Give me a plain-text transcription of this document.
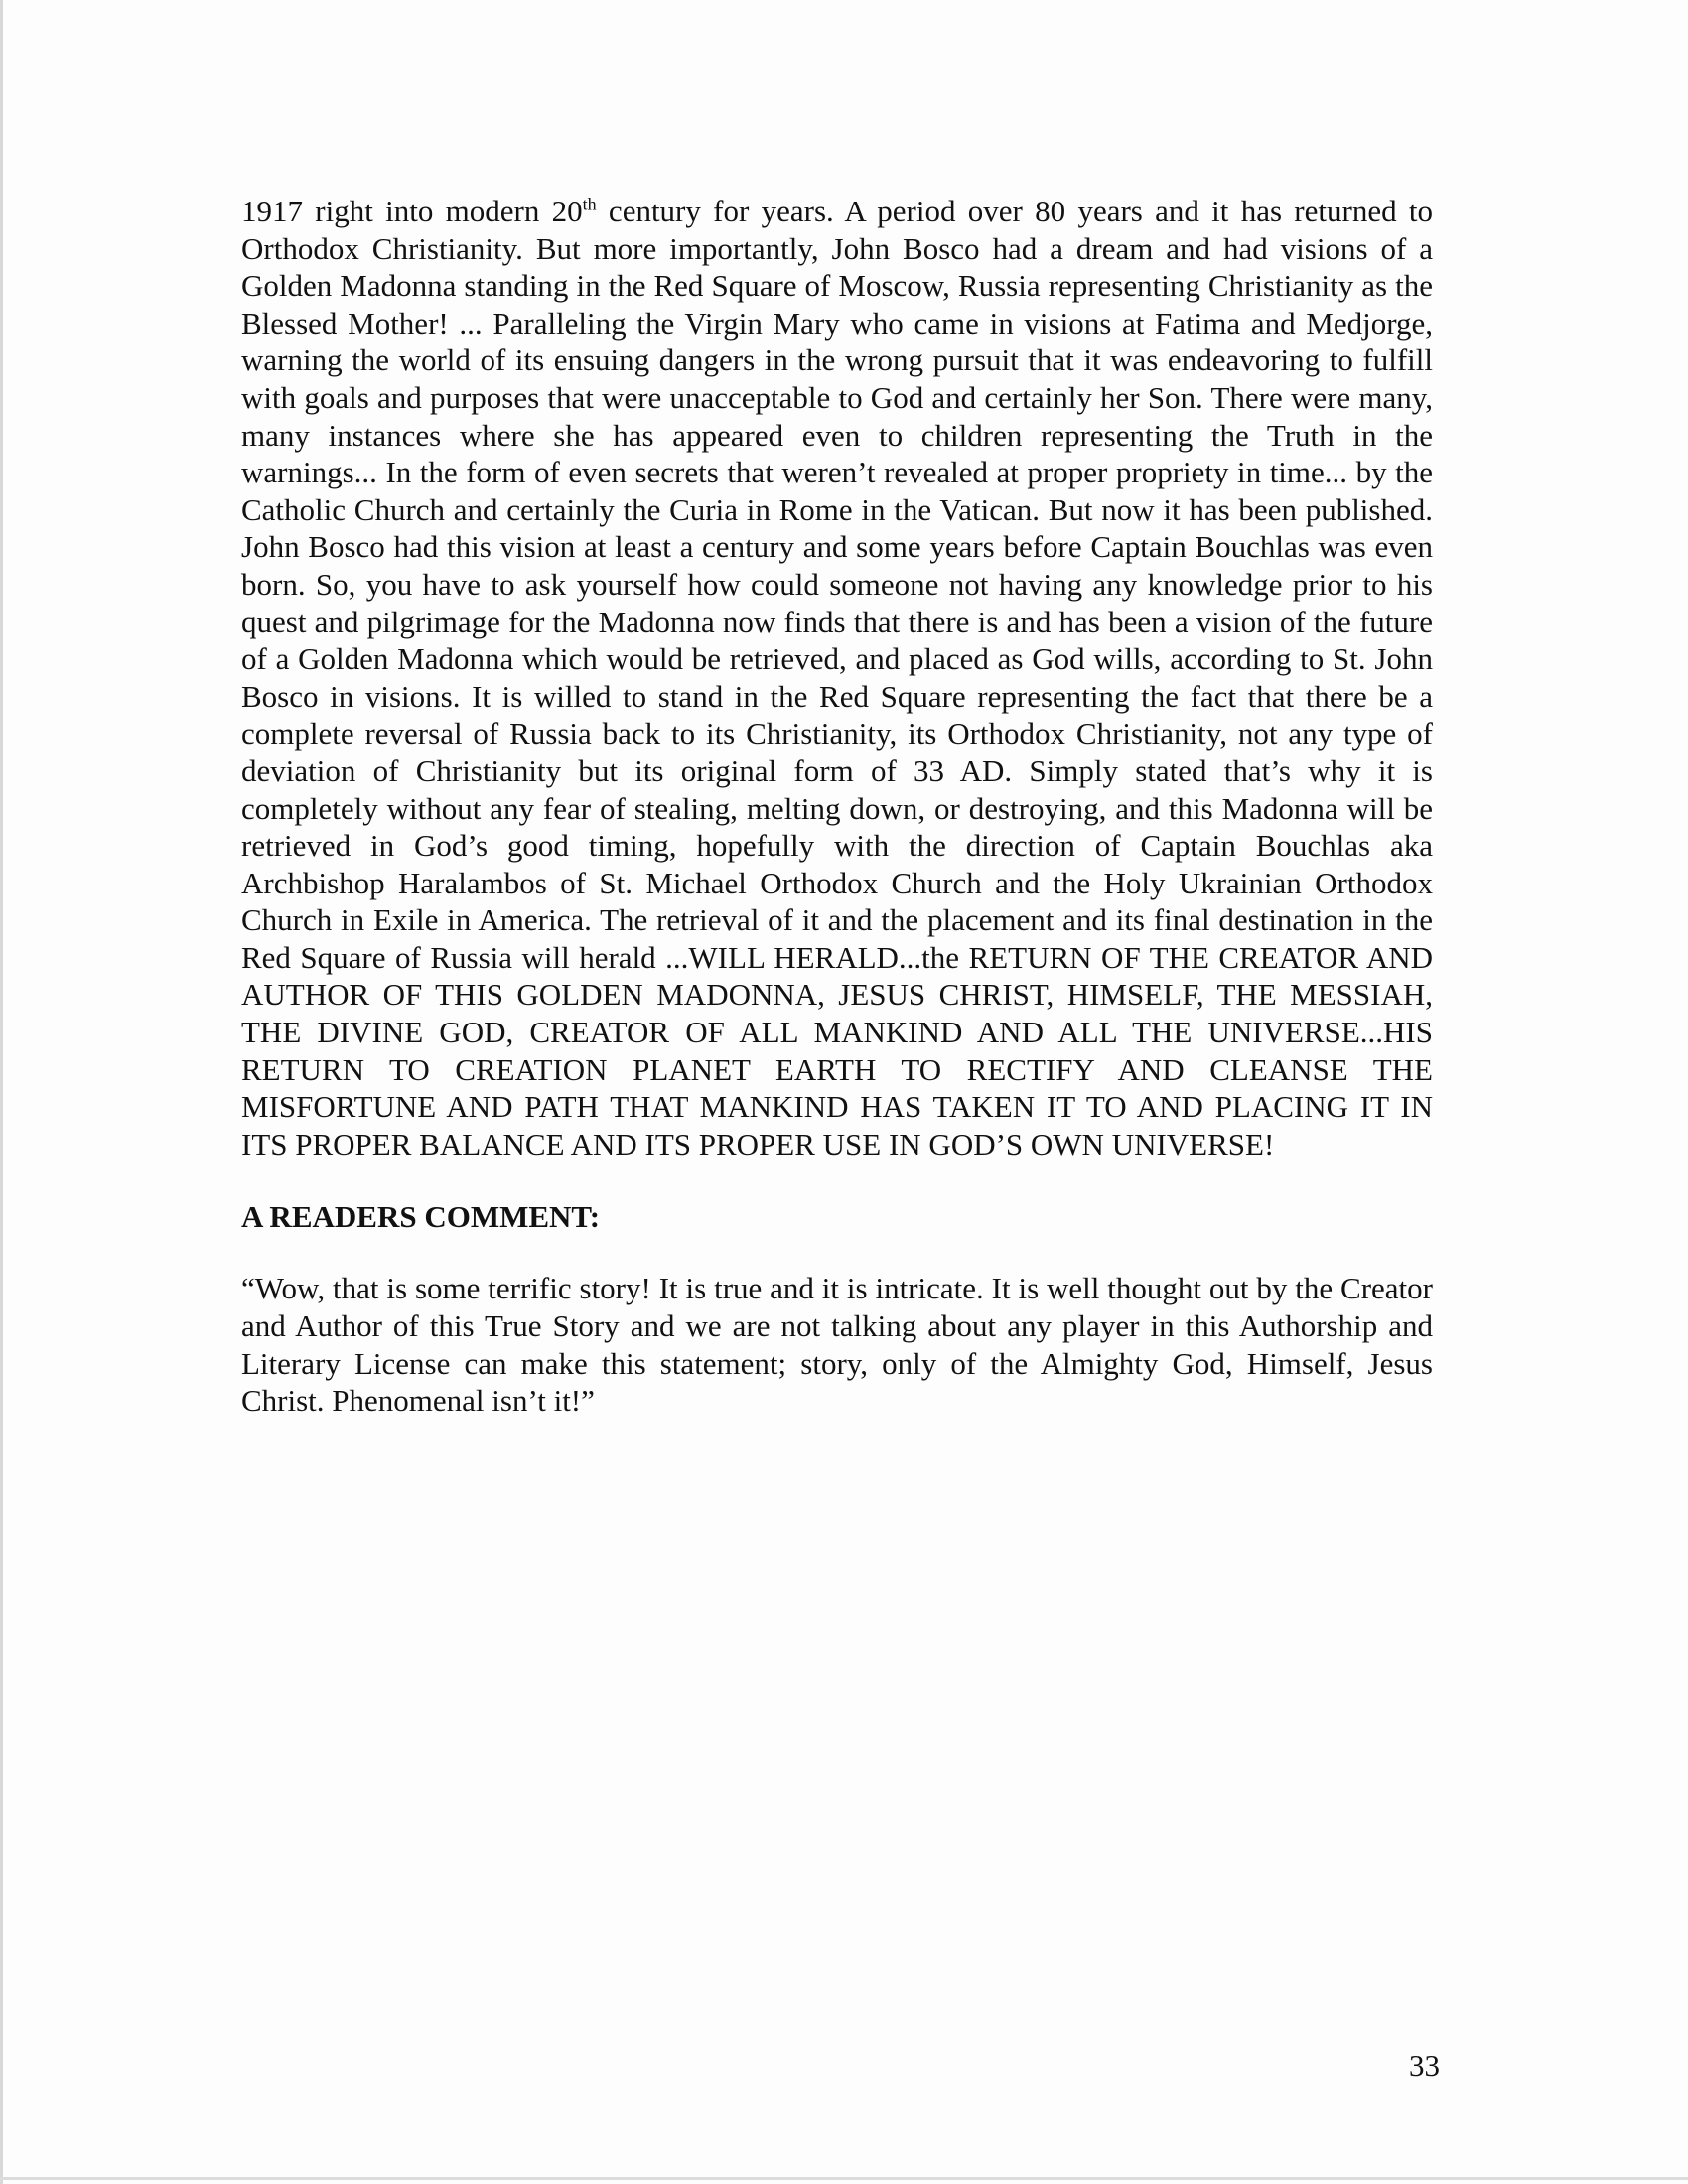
1917 right into modern 20th century for years. A period over 80 years and it has returned to Orthodox Christianity. But more importantly, John Bosco had a dream and had visions of a Golden Madonna standing in the Red Square of Moscow, Russia representing Christianity as the Blessed Mother! ... Paralleling the Virgin Mary who came in visions at Fatima and Medjorge, warning the world of its ensuing dangers in the wrong pursuit that it was endeavoring to fulfill with goals and purposes that were unacceptable to God and certainly her Son. There were many, many instances where she has appeared even to children representing the Truth in the warnings... In the form of even secrets that weren’t revealed at proper propriety in time... by the Catholic Church and certainly the Curia in Rome in the Vatican. But now it has been published. John Bosco had this vision at least a century and some years before Captain Bouchlas was even born. So, you have to ask yourself how could someone not having any knowledge prior to his quest and pilgrimage for the Madonna now finds that there is and has been a vision of the future of a Golden Madonna which would be retrieved, and placed as God wills, according to St. John Bosco in visions. It is willed to stand in the Red Square representing the fact that there be a complete reversal of Russia back to its Christianity, its Orthodox Christianity, not any type of deviation of Christianity but its original form of 33 AD. Simply stated that’s why it is completely without any fear of stealing, melting down, or destroying, and this Madonna will be retrieved in God’s good timing, hopefully with the direction of Captain Bouchlas aka Archbishop Haralambos of St. Michael Orthodox Church and the Holy Ukrainian Orthodox Church in Exile in America. The retrieval of it and the placement and its final destination in the Red Square of Russia will herald ...WILL HERALD...the RETURN OF THE CREATOR AND AUTHOR OF THIS GOLDEN MADONNA, JESUS CHRIST, HIMSELF, THE MESSIAH, THE DIVINE GOD, CREATOR OF ALL MANKIND AND ALL THE UNIVERSE...HIS RETURN TO CREATION PLANET EARTH TO RECTIFY AND CLEANSE THE MISFORTUNE AND PATH THAT MANKIND HAS TAKEN IT TO AND PLACING IT IN ITS PROPER BALANCE AND ITS PROPER USE IN GOD’S OWN UNIVERSE!

A READERS COMMENT:

“Wow, that is some terrific story! It is true and it is intricate. It is well thought out by the Creator and Author of this True Story and we are not talking about any player in this Authorship and Literary License can make this statement; story, only of the Almighty God, Himself, Jesus Christ. Phenomenal isn’t it!”

33
